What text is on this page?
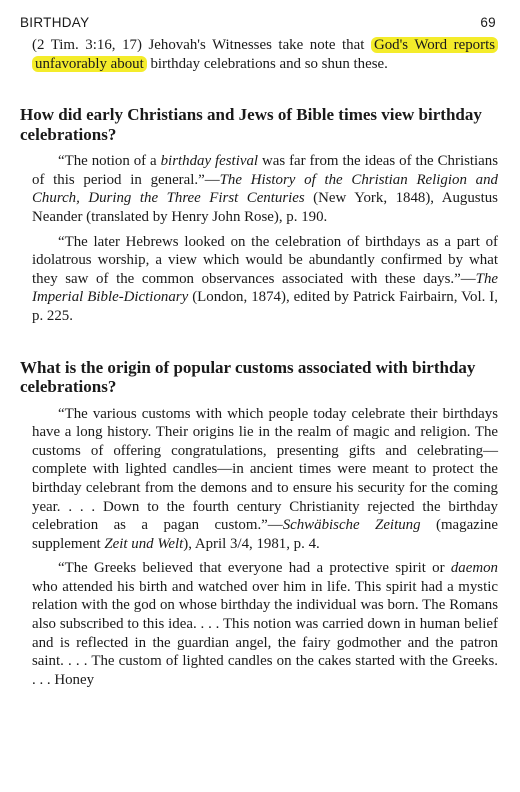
BIRTHDAY	69

(2 Tim. 3:16, 17) Jehovah's Witnesses take note that God's Word reports unfavorably about birthday celebrations and so shun these.

How did early Christians and Jews of Bible times view birthday celebrations?

“The notion of a birthday festival was far from the ideas of the Christians of this period in general.”—The History of the Christian Religion and Church, During the Three First Centuries (New York, 1848), Augustus Neander (translated by Henry John Rose), p. 190.

“The later Hebrews looked on the celebration of birthdays as a part of idolatrous worship, a view which would be abundantly confirmed by what they saw of the common observances associated with these days.”—The Imperial Bible-Dictionary (London, 1874), edited by Patrick Fairbairn, Vol. I, p. 225.

What is the origin of popular customs associated with birthday celebrations?

“The various customs with which people today celebrate their birthdays have a long history. Their origins lie in the realm of magic and religion. The customs of offering congratulations, presenting gifts and celebrating—complete with lighted candles—in ancient times were meant to protect the birthday celebrant from the demons and to ensure his security for the coming year. . . . Down to the fourth century Christianity rejected the birthday celebration as a pagan custom.”—Schwäbische Zeitung (magazine supplement Zeit und Welt), April 3/4, 1981, p. 4.

“The Greeks believed that everyone had a protective spirit or daemon who attended his birth and watched over him in life. This spirit had a mystic relation with the god on whose birthday the individual was born. The Romans also subscribed to this idea. . . . This notion was carried down in human belief and is reflected in the guardian angel, the fairy godmother and the patron saint. . . . The custom of lighted candles on the cakes started with the Greeks. . . . Honey
